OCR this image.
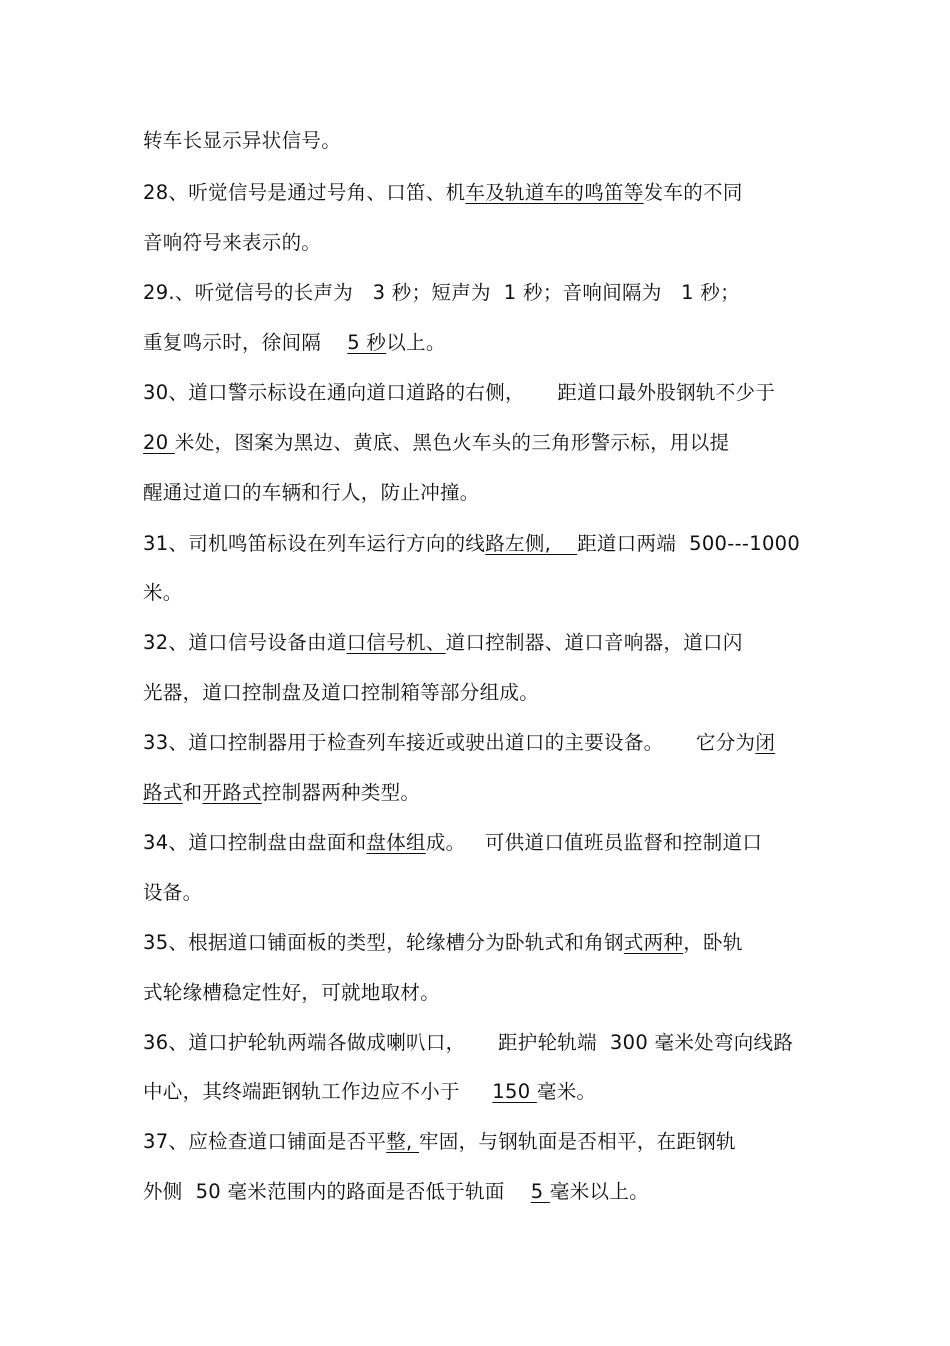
转车长显示异状信号。
28、听觉信号是通过号角、口笛、机车及轨道车的鸣笛等发车的不同
音响符号来表示的。
29.、听觉信号的长声为   3 秒；短声为  1 秒；音响间隔为   1 秒；
重复鸣示时，徐间隔    5 秒以上。
30、道口警示标设在通向道口道路的右侧，     距道口最外股钢轨不少于
20 米处，图案为黑边、黄底、黑色火车头的三角形警示标，用以提
醒通过道口的车辆和行人，防止冲撞。
31、司机鸣笛标设在列车运行方向的线路左侧,    距道口两端  500---1000
米。
32、道口信号设备由道口信号机、道口控制器、道口音响器，道口闪
光器，道口控制盘及道口控制箱等部分组成。
33、道口控制器用于检查列车接近或驶出道口的主要设备。     它分为闭
路式和开路式控制器两种类型。
34、道口控制盘由盘面和盘体组成。   可供道口值班员监督和控制道口
设备。
35、根据道口铺面板的类型，轮缘槽分为卧轨式和角钢式两种，卧轨
式轮缘槽稳定性好，可就地取材。
36、道口护轮轨两端各做成喇叭口，     距护轮轨端  300 毫米处弯向线路
中心，其终端距钢轨工作边应不小于     150 毫米。
37、应检查道口铺面是否平整, 牢固，与钢轨面是否相平，在距钢轨
外侧  50 毫米范围内的路面是否低于轨面    5 毫米以上。
